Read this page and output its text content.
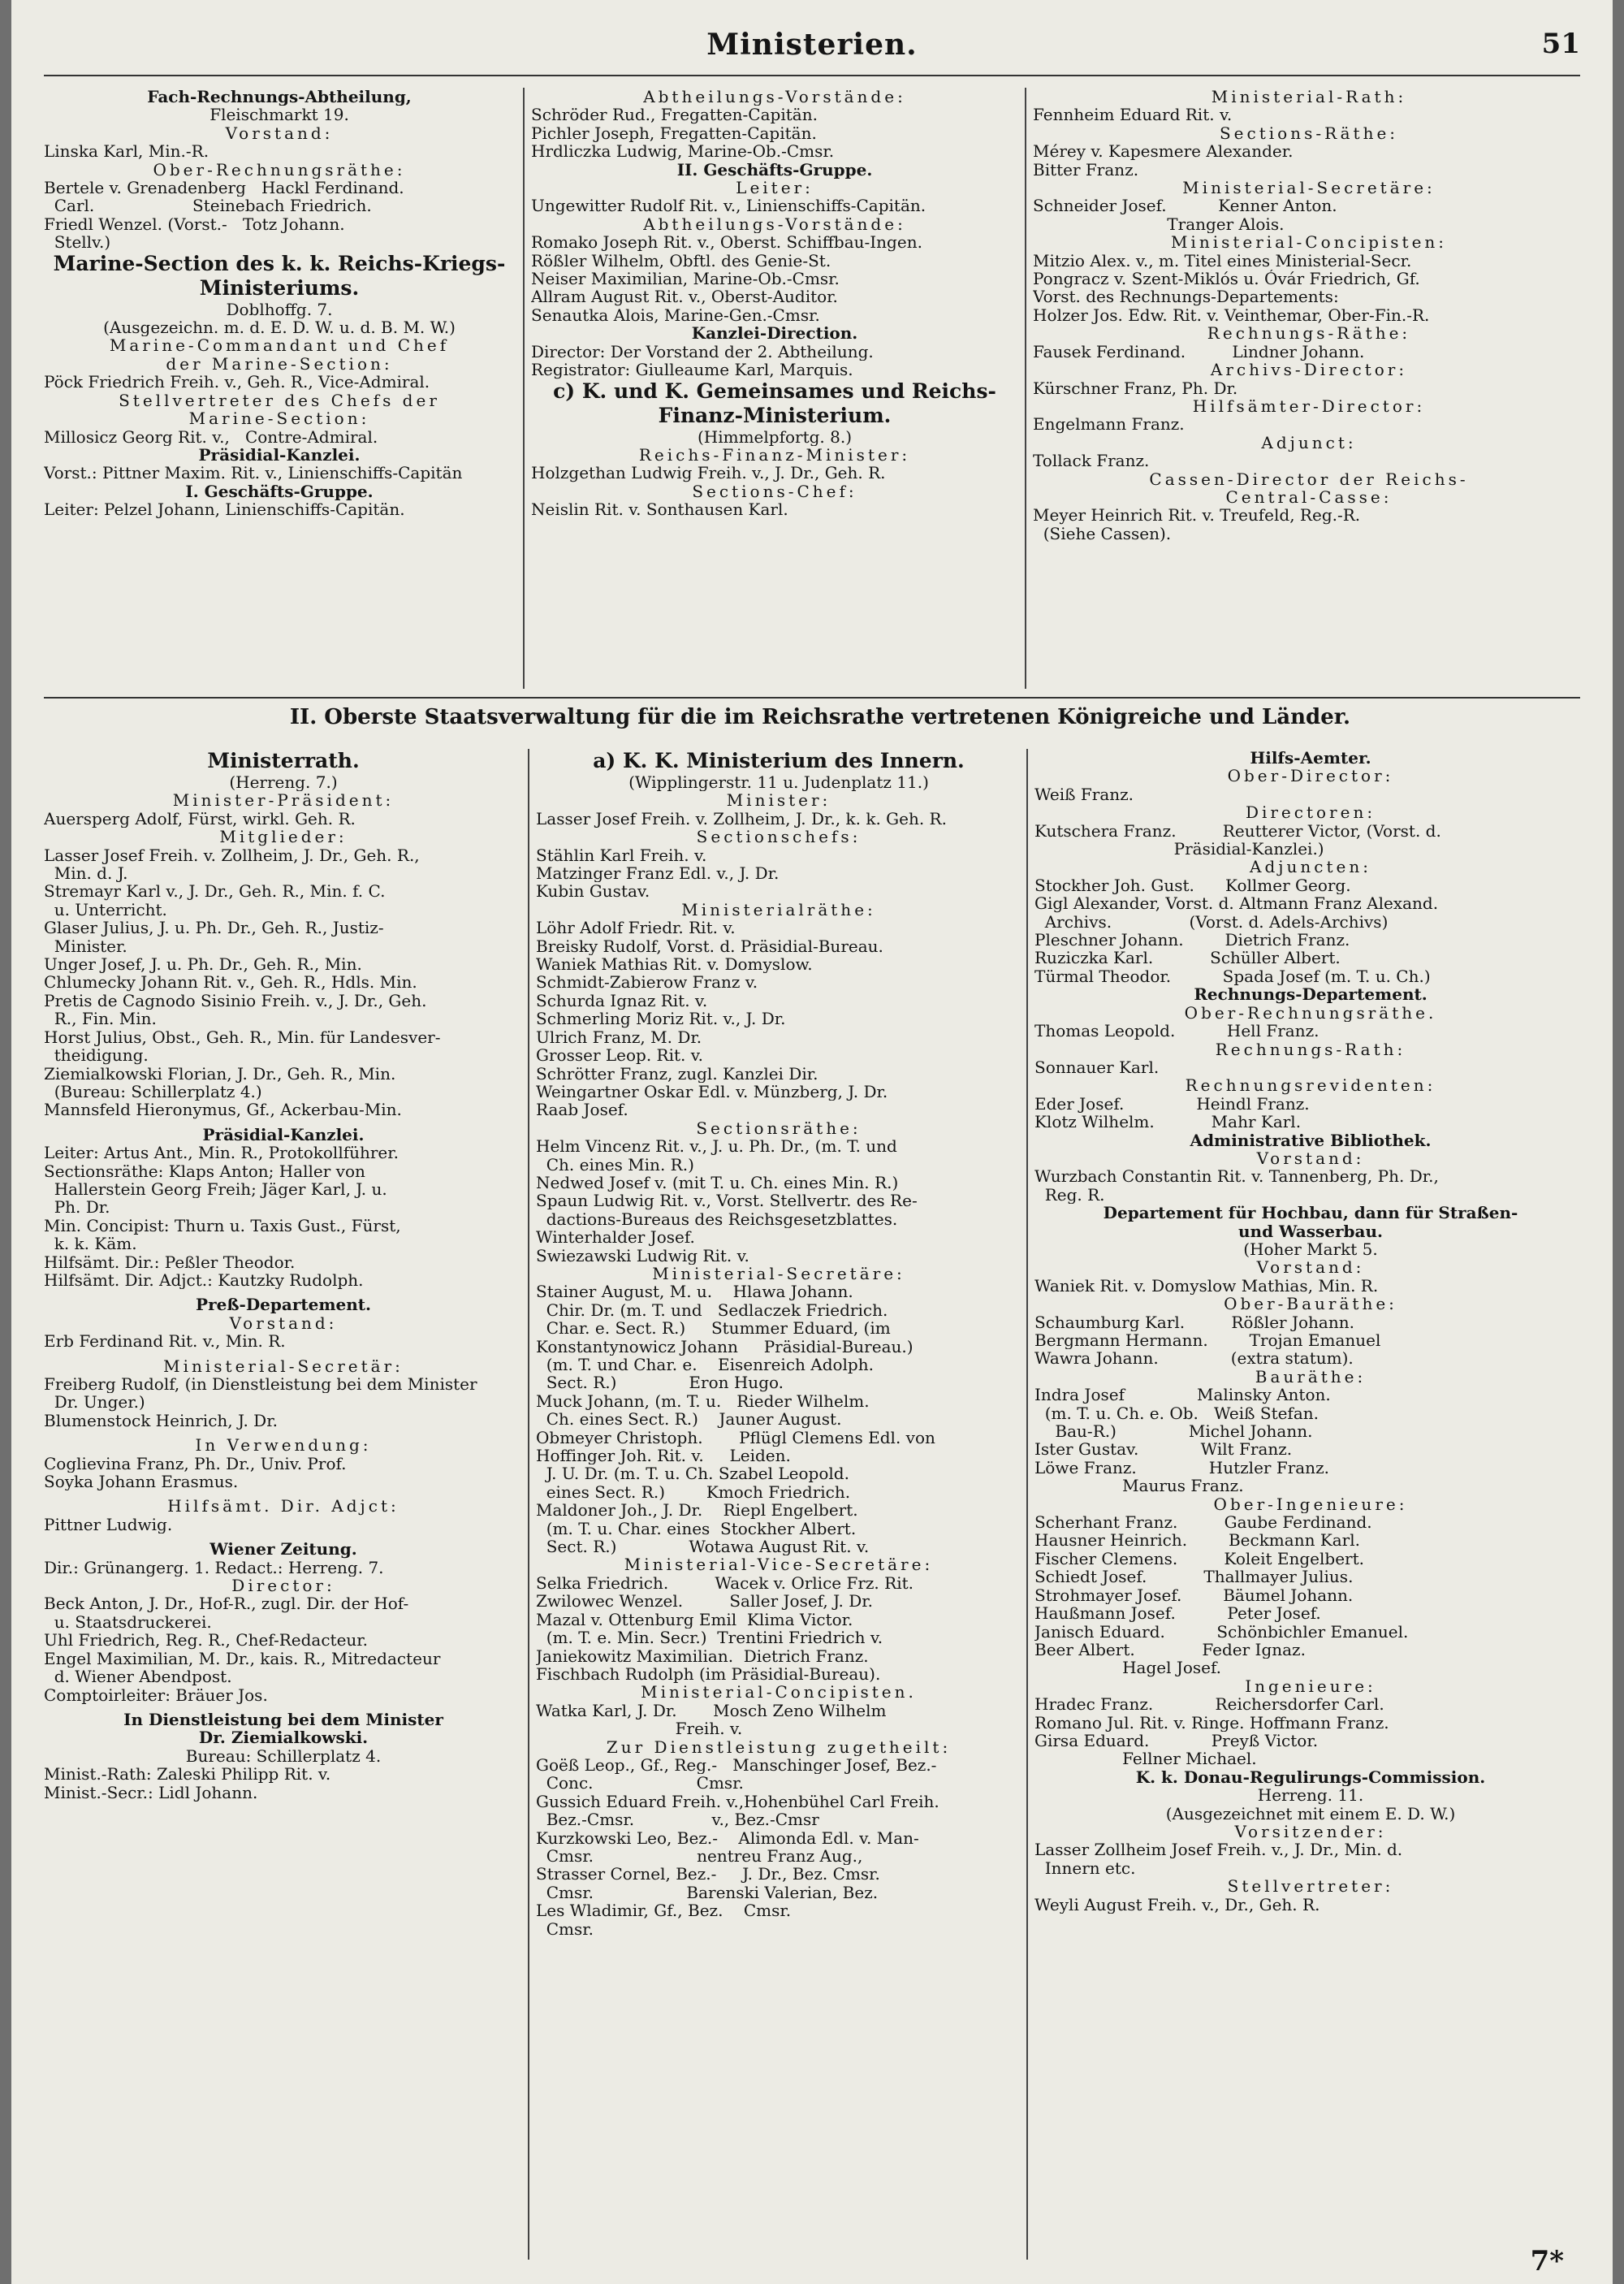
Ministerien.	51
Fach-Rechnungs-Abtheilung,
Fleischmarkt 19.
Vorstand:
Linska Karl, Min.-R.
Ober-Rechnungsräthe:
Bertele v. Grenadenberg   Hackl Ferdinand.
Carl.                   Steinebach Friedrich.
Friedl Wenzel. (Vorst.-   Totz Johann.
Stellv.)
Marine-Section des k. k. Reichs-Kriegs-
Ministeriums.
Doblhoffg. 7.
(Ausgezeichn. m. d. E. D. W. u. d. B. M. W.)
Marine-Commandant und Chef
der Marine-Section:
Pöck Friedrich Freih. v., Geh. R., Vice-Admiral.
Stellvertreter des Chefs der
Marine-Section:
Millosicz Georg Rit. v.,   Contre-Admiral.
Präsidial-Kanzlei.
Vorst.: Pittner Maxim. Rit. v., Linienschiffs-Capitän
I. Geschäfts-Gruppe.
Leiter: Pelzel Johann, Linienschiffs-Capitän.
Abtheilungs-Vorstände:
Schröder Rud., Fregatten-Capitän.
Pichler Joseph, Fregatten-Capitän.
Hrdliczka Ludwig, Marine-Ob.-Cmsr.
II. Geschäfts-Gruppe.
Leiter:
Ungewitter Rudolf Rit. v., Linienschiffs-Capitän.
Abtheilungs-Vorstände:
Romako Joseph Rit. v., Oberst. Schiffbau-Ingen.
Rößler Wilhelm, Obftl. des Genie-St.
Neiser Maximilian, Marine-Ob.-Cmsr.
Allram August Rit. v., Oberst-Auditor.
Senautka Alois, Marine-Gen.-Cmsr.
Kanzlei-Direction.
Director: Der Vorstand der 2. Abtheilung.
Registrator: Giulleaume Karl, Marquis.
c) K. und K. Gemeinsames und Reichs-
Finanz-Ministerium.
(Himmelpfortg. 8.)
Reichs-Finanz-Minister:
Holzgethan Ludwig Freih. v., J. Dr., Geh. R.
Sections-Chef:
Neislin Rit. v. Sonthausen Karl.
Ministerial-Rath:
Fennheim Eduard Rit. v.
Sections-Räthe:
Mérey v. Kapesmere Alexander.
Bitter Franz.
Ministerial-Secretäre:
Schneider Josef.          Kenner Anton.
Tranger Alois.
Ministerial-Concipisten:
Mitzio Alex. v., m. Titel eines Ministerial-Secr.
Pongracz v. Szent-Miklós u. Óvár Friedrich, Gf.
Vorst. des Rechnungs-Departements:
Holzer Jos. Edw. Rit. v. Veinthemar, Ober-Fin.-R.
Rechnungs-Räthe:
Fausek Ferdinand.         Lindner Johann.
Archivs-Director:
Kürschner Franz, Ph. Dr.
Hilfsämter-Director:
Engelmann Franz.
Adjunct:
Tollack Franz.
Cassen-Director der Reichs-
Central-Casse:
Meyer Heinrich Rit. v. Treufeld, Reg.-R.
(Siehe Cassen).
II. Oberste Staatsverwaltung für die im Reichsrathe vertretenen Königreiche und Länder.
Ministerrath.
(Herreng. 7.)
Minister-Präsident:
Auersperg Adolf, Fürst, wirkl. Geh. R.
Mitglieder:
Lasser Josef Freih. v. Zollheim, J. Dr., Geh. R.,
Min. d. J.
Stremayr Karl v., J. Dr., Geh. R., Min. f. C.
u. Unterricht.
Glaser Julius, J. u. Ph. Dr., Geh. R., Justiz-
Minister.
Unger Josef, J. u. Ph. Dr., Geh. R., Min.
Chlumecky Johann Rit. v., Geh. R., Hdls. Min.
Pretis de Cagnodo Sisinio Freih. v., J. Dr., Geh.
R., Fin. Min.
Horst Julius, Obst., Geh. R., Min. für Landesver-
theidigung.
Ziemialkowski Florian, J. Dr., Geh. R., Min.
(Bureau: Schillerplatz 4.)
Mannsfeld Hieronymus, Gf., Ackerbau-Min.
Präsidial-Kanzlei.
Leiter: Artus Ant., Min. R., Protokollführer.
Sectionsräthe: Klaps Anton; Haller von
Hallerstein Georg Freih; Jäger Karl, J. u.
Ph. Dr.
Min. Concipist: Thurn u. Taxis Gust., Fürst,
k. k. Käm.
Hilfsämt. Dir.: Peßler Theodor.
Hilfsämt. Dir. Adjct.: Kautzky Rudolph.
Preß-Departement.
Vorstand:
Erb Ferdinand Rit. v., Min. R.
Ministerial-Secretär:
Freiberg Rudolf, (in Dienstleistung bei dem Minister
Dr. Unger.)
Blumenstock Heinrich, J. Dr.
In Verwendung:
Coglievina Franz, Ph. Dr., Univ. Prof.
Soyka Johann Erasmus.
Hilfsämt. Dir. Adjct:
Pittner Ludwig.
Wiener Zeitung.
Dir.: Grünangerg. 1. Redact.: Herreng. 7.
Director:
Beck Anton, J. Dr., Hof-R., zugl. Dir. der Hof-
u. Staatsdruckerei.
Uhl Friedrich, Reg. R., Chef-Redacteur.
Engel Maximilian, M. Dr., kais. R., Mitredacteur
d. Wiener Abendpost.
Comptoirleiter: Bräuer Jos.
In Dienstleistung bei dem Minister
Dr. Ziemialkowski.
Bureau: Schillerplatz 4.
Minist.-Rath: Zaleski Philipp Rit. v.
Minist.-Secr.: Lidl Johann.
a) K. K. Ministerium des Innern.
(Wipplingerstr. 11 u. Judenplatz 11.)
Minister:
Lasser Josef Freih. v. Zollheim, J. Dr., k. k. Geh. R.
Sectionschefs:
Stählin Karl Freih. v.
Matzinger Franz Edl. v., J. Dr.
Kubin Gustav.
Ministerialräthe:
Löhr Adolf Friedr. Rit. v.
Breisky Rudolf, Vorst. d. Präsidial-Bureau.
Waniek Mathias Rit. v. Domyslow.
Schmidt-Zabierow Franz v.
Schurda Ignaz Rit. v.
Schmerling Moriz Rit. v., J. Dr.
Ulrich Franz, M. Dr.
Grosser Leop. Rit. v.
Schrötter Franz, zugl. Kanzlei Dir.
Weingartner Oskar Edl. v. Münzberg, J. Dr.
Raab Josef.
Sectionsräthe:
Helm Vincenz Rit. v., J. u. Ph. Dr., (m. T. und
Ch. eines Min. R.)
Nedwed Josef v. (mit T. u. Ch. eines Min. R.)
Spaun Ludwig Rit. v., Vorst. Stellvertr. des Re-
dactions-Bureaus des Reichsgesetzblattes.
Winterhalder Josef.
Swiezawski Ludwig Rit. v.
Ministerial-Secretäre:
Stainer August, M. u.    Hlawa Johann.
Chir. Dr. (m. T. und   Sedlaczek Friedrich.
Char. e. Sect. R.)     Stummer Eduard, (im
Konstantynowicz Johann     Präsidial-Bureau.)
(m. T. und Char. e.    Eisenreich Adolph.
Sect. R.)              Eron Hugo.
Muck Johann, (m. T. u.   Rieder Wilhelm.
Ch. eines Sect. R.)    Jauner August.
Obmeyer Christoph.       Pflügl Clemens Edl. von
Hoffinger Joh. Rit. v.     Leiden.
J. U. Dr. (m. T. u. Ch. Szabel Leopold.
eines Sect. R.)        Kmoch Friedrich.
Maldoner Joh., J. Dr.    Riepl Engelbert.
(m. T. u. Char. eines  Stockher Albert.
Sect. R.)              Wotawa August Rit. v.
Ministerial-Vice-Secretäre:
Selka Friedrich.         Wacek v. Orlice Frz. Rit.
Zwilowec Wenzel.         Saller Josef, J. Dr.
Mazal v. Ottenburg Emil  Klima Victor.
(m. T. e. Min. Secr.)  Trentini Friedrich v.
Janiekowitz Maximilian.  Dietrich Franz.
Fischbach Rudolph (im Präsidial-Bureau).
Ministerial-Concipisten.
Watka Karl, J. Dr.       Mosch Zeno Wilhelm
Freih. v.
Zur Dienstleistung zugetheilt:
Goëß Leop., Gf., Reg.-   Manschinger Josef, Bez.-
Conc.                    Cmsr.
Gussich Eduard Freih. v.,Hohenbühel Carl Freih.
Bez.-Cmsr.               v., Bez.-Cmsr
Kurzkowski Leo, Bez.-    Alimonda Edl. v. Man-
Cmsr.                    nentreu Franz Aug.,
Strasser Cornel, Bez.-     J. Dr., Bez. Cmsr.
Cmsr.                  Barenski Valerian, Bez.
Les Wladimir, Gf., Bez.    Cmsr.
Cmsr.
Hilfs-Aemter.
Ober-Director:
Weiß Franz.
Directoren:
Kutschera Franz.         Reutterer Victor, (Vorst. d.
Präsidial-Kanzlei.)
Adjuncten:
Stockher Joh. Gust.      Kollmer Georg.
Gigl Alexander, Vorst. d. Altmann Franz Alexand.
Archivs.               (Vorst. d. Adels-Archivs)
Pleschner Johann.        Dietrich Franz.
Ruziczka Karl.           Schüller Albert.
Türmal Theodor.          Spada Josef (m. T. u. Ch.)
Rechnungs-Departement.
Ober-Rechnungsräthe.
Thomas Leopold.          Hell Franz.
Rechnungs-Rath:
Sonnauer Karl.
Rechnungsrevidenten:
Eder Josef.              Heindl Franz.
Klotz Wilhelm.           Mahr Karl.
Administrative Bibliothek.
Vorstand:
Wurzbach Constantin Rit. v. Tannenberg, Ph. Dr.,
Reg. R.
Departement für Hochbau, dann für Straßen-
und Wasserbau.
(Hoher Markt 5.
Vorstand:
Waniek Rit. v. Domyslow Mathias, Min. R.
Ober-Bauräthe:
Schaumburg Karl.         Rößler Johann.
Bergmann Hermann.        Trojan Emanuel
Wawra Johann.              (extra statum).
Bauräthe:
Indra Josef              Malinsky Anton.
(m. T. u. Ch. e. Ob.   Weiß Stefan.
Bau-R.)              Michel Johann.
Ister Gustav.            Wilt Franz.
Löwe Franz.              Hutzler Franz.
Maurus Franz.
Ober-Ingenieure:
Scherhant Franz.         Gaube Ferdinand.
Hausner Heinrich.        Beckmann Karl.
Fischer Clemens.         Koleit Engelbert.
Schiedt Josef.           Thallmayer Julius.
Strohmayer Josef.        Bäumel Johann.
Haußmann Josef.          Peter Josef.
Janisch Eduard.          Schönbichler Emanuel.
Beer Albert.             Feder Ignaz.
Hagel Josef.
Ingenieure:
Hradec Franz.            Reichersdorfer Carl.
Romano Jul. Rit. v. Ringe. Hoffmann Franz.
Girsa Eduard.            Preyß Victor.
Fellner Michael.
K. k. Donau-Regulirungs-Commission.
Herreng. 11.
(Ausgezeichnet mit einem E. D. W.)
Vorsitzender:
Lasser Zollheim Josef Freih. v., J. Dr., Min. d.
Innern etc.
Stellvertreter:
Weyli August Freih. v., Dr., Geh. R.
7*
